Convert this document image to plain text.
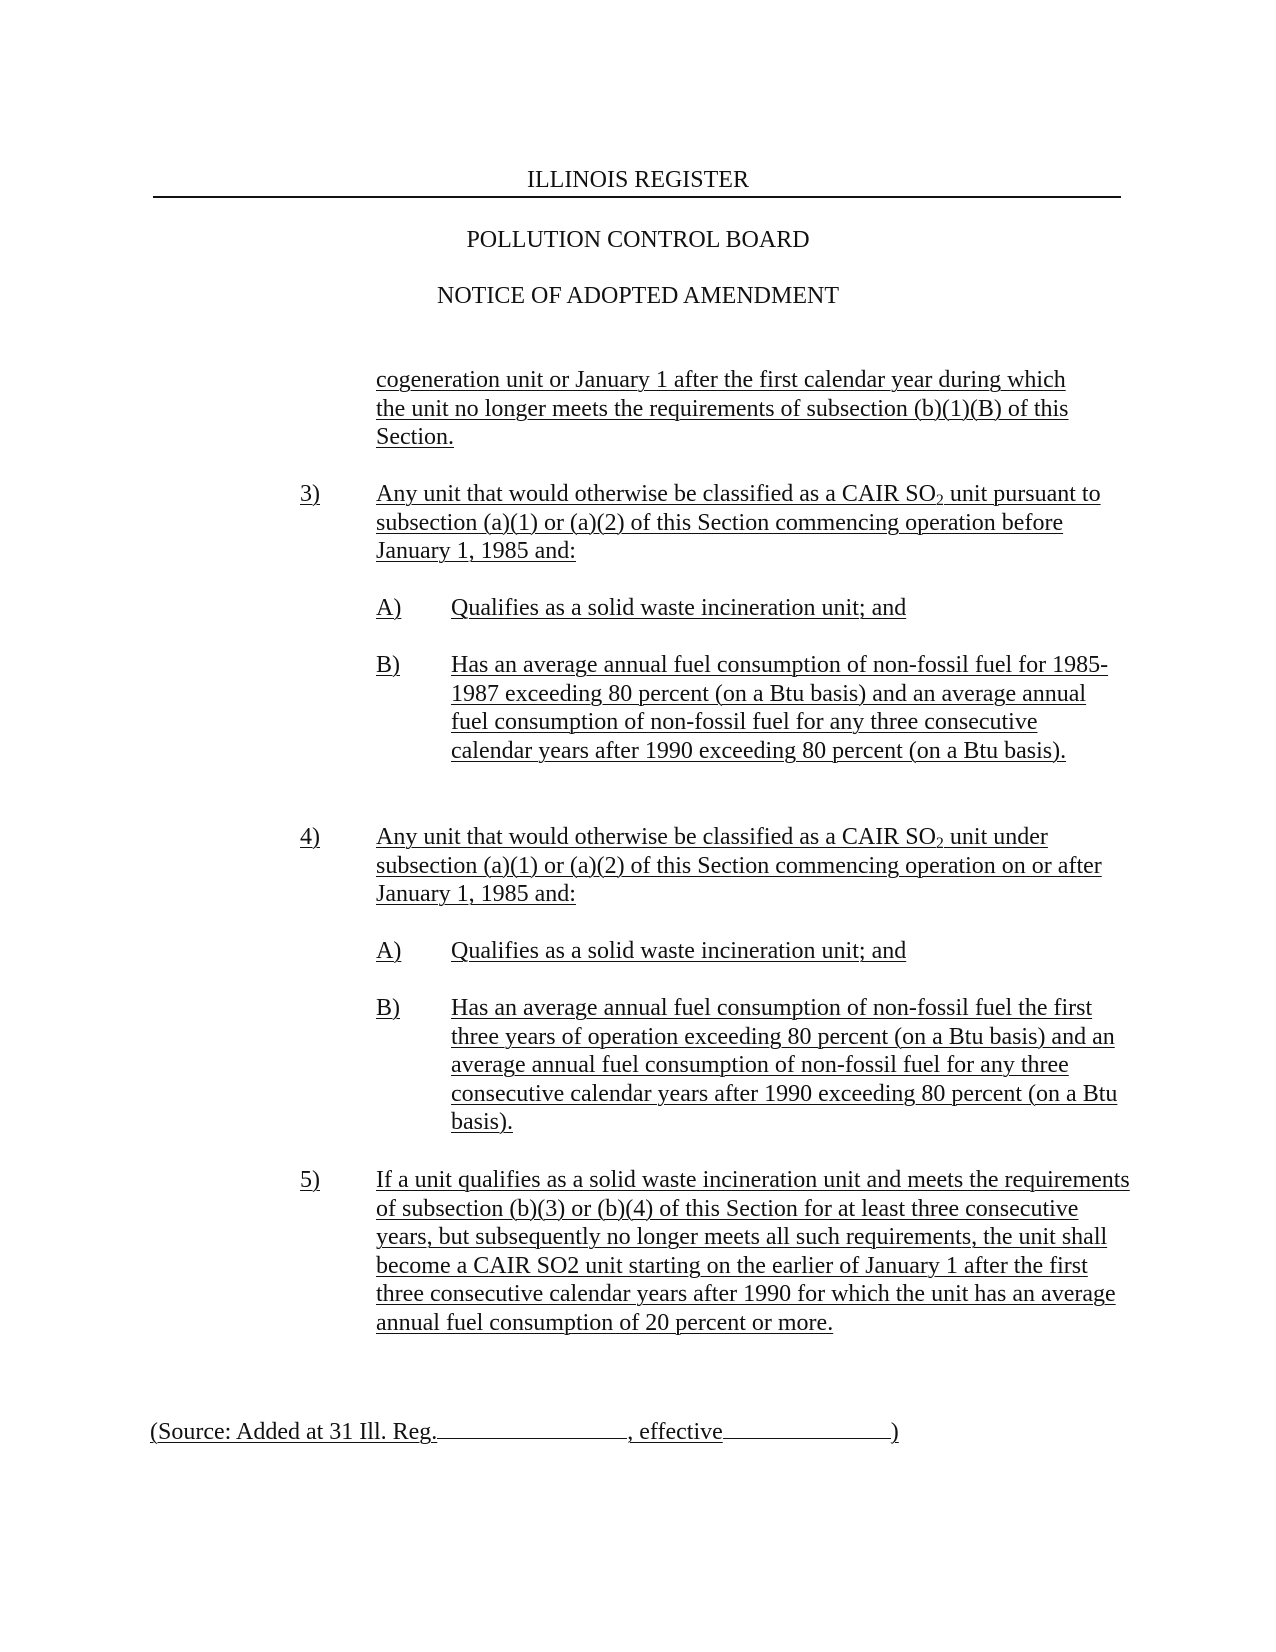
ILLINOIS REGISTER
POLLUTION CONTROL BOARD
NOTICE OF ADOPTED AMENDMENT
cogeneration unit or January 1 after the first calendar year during which the unit no longer meets the requirements of subsection (b)(1)(B) of this Section.
3) Any unit that would otherwise be classified as a CAIR $SO_2$ unit pursuant to subsection (a)(1) or (a)(2) of this Section commencing operation before January 1, 1985 and:
A) Qualifies as a solid waste incineration unit; and
B) Has an average annual fuel consumption of non-fossil fuel for 1985-1987 exceeding 80 percent (on a Btu basis) and an average annual fuel consumption of non-fossil fuel for any three consecutive calendar years after 1990 exceeding 80 percent (on a Btu basis).
4) Any unit that would otherwise be classified as a CAIR $SO_2$ unit under subsection (a)(1) or (a)(2) of this Section commencing operation on or after January 1, 1985 and:
A) Qualifies as a solid waste incineration unit; and
B) Has an average annual fuel consumption of non-fossil fuel the first three years of operation exceeding 80 percent (on a Btu basis) and an average annual fuel consumption of non-fossil fuel for any three consecutive calendar years after 1990 exceeding 80 percent (on a Btu basis).
5) If a unit qualifies as a solid waste incineration unit and meets the requirements of subsection (b)(3) or (b)(4) of this Section for at least three consecutive years, but subsequently no longer meets all such requirements, the unit shall become a CAIR SO2 unit starting on the earlier of January 1 after the first three consecutive calendar years after 1990 for which the unit has an average annual fuel consumption of 20 percent or more.
(Source: Added at 31 Ill. Reg.	, effective	)
